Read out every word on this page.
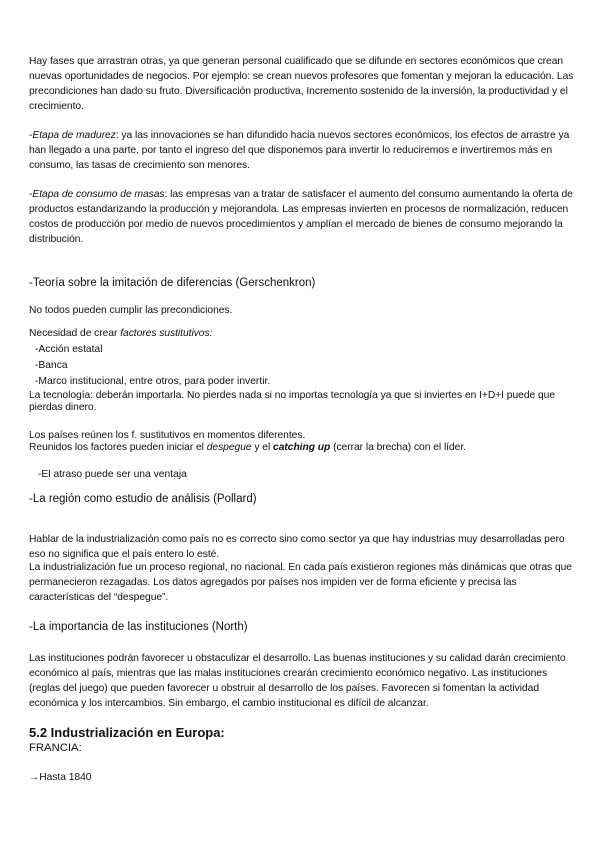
Hay fases que arrastran otras, ya que generan personal cualificado que se difunde en sectores económicos que crean nuevas oportunidades de negocios. Por ejemplo: se crean nuevos profesores que fomentan y mejoran la educación. Las precondiciones han dado su fruto. Diversificación productiva, Incremento sostenido de la inversión, la productividad y el crecimiento.

-Etapa de madurez: ya las innovaciones se han difundido hacia nuevos sectores económicos, los efectos de arrastre ya han llegado a una parte, por tanto el ingreso del que disponemos para invertir lo reduciremos e invertiremos más en consumo, las tasas de crecimiento son menores.

-Etapa de consumo de masas: las empresas van a tratar de satisfacer el aumento del consumo aumentando la oferta de productos estandarizando la producción y mejorandola. Las empresas invierten en procesos de normalización, reducen costos de producción por medio de nuevos procedimientos y amplían el mercado de bienes de consumo mejorando la distribución.

-Teoría sobre la imitación de diferencias (Gerschenkron)

No todos pueden cumplir las precondiciones.

Necesidad de crear factores sustitutivos:

-Acción estatal

-Banca

-Marco institucional, entre otros, para poder invertir.

La tecnología: deberán importarla. No pierdes nada si no importas tecnología ya que si inviertes en I+D+I puede que pierdas dinero.

Los países reúnen los f. sustitutivos en momentos diferentes.

Reunidos los factores pueden iniciar el despegue y el catching up (cerrar la brecha) con el líder.

-El atraso puede ser una ventaja

-La región como estudio de análisis (Pollard)

Hablar de la industrialización como país no es correcto sino como sector ya que hay industrias muy desarrolladas pero eso no significa que el país entero lo esté.

La industrialización fue un proceso regional, no nacional. En cada país existieron regiones más dinámicas que otras que permanecieron rezagadas. Los datos agregados por países nos impiden ver de forma eficiente y precisa las características del “despegue”.

-La importancia de las instituciones (North)

Las instituciones podrán favorecer u obstaculizar el desarrollo. Las buenas instituciones y su calidad darán crecimiento económico al país, mientras que las malas instituciones crearán crecimiento económico negativo. Las instituciones (reglas del juego) que pueden favorecer u obstruir al desarrollo de los países. Favorecen si fomentan la actividad económica y los intercambios. Sin embargo, el cambio institucional es difícil de alcanzar.

5.2 Industrialización en Europa:

FRANCIA:

→Hasta 1840
